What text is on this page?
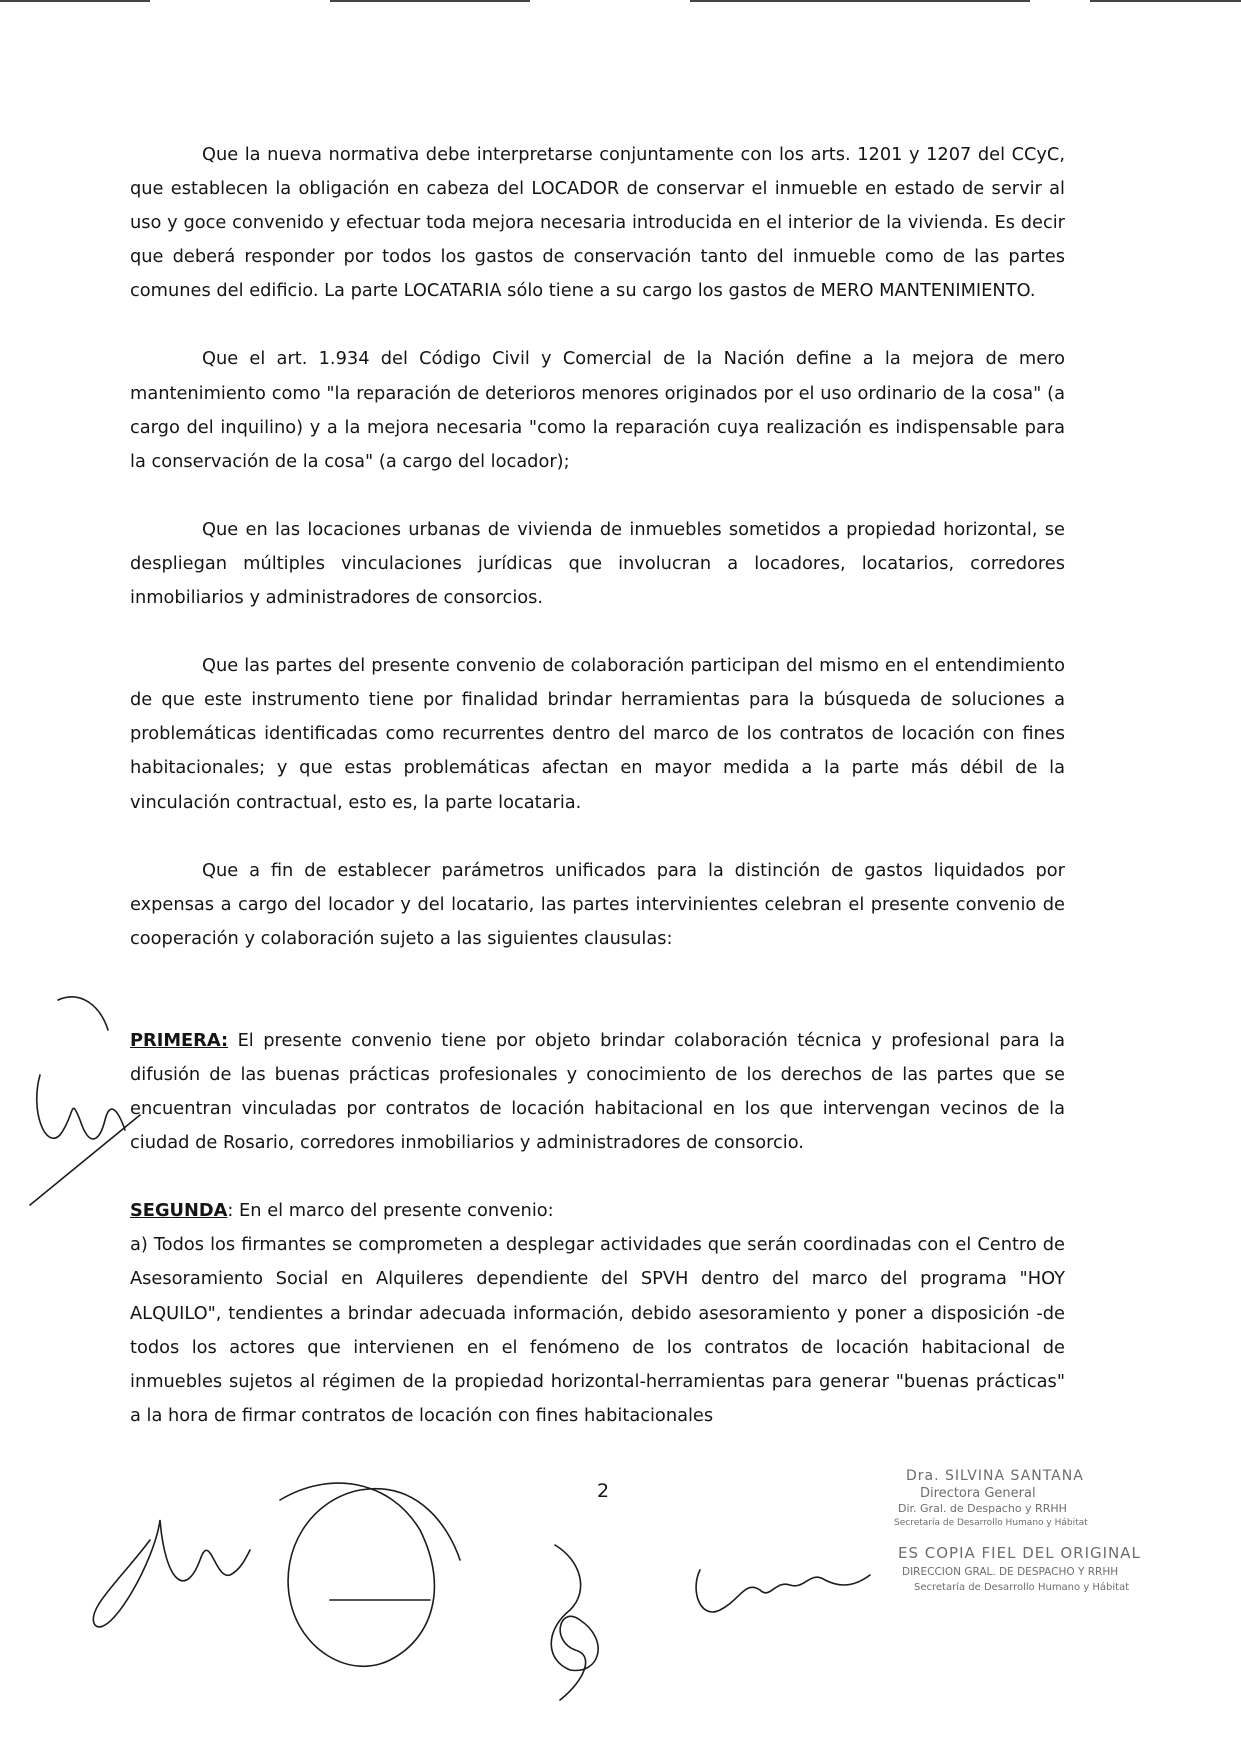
Que la nueva normativa debe interpretarse conjuntamente con los arts. 1201 y 1207 del CCyC, que establecen la obligación en cabeza del LOCADOR de conservar el inmueble en estado de servir al uso y goce convenido y efectuar toda mejora necesaria introducida en el interior de la vivienda. Es decir que deberá responder por todos los gastos de conservación tanto del inmueble como de las partes comunes del edificio. La parte LOCATARIA sólo tiene a su cargo los gastos de MERO MANTENIMIENTO.

Que el art. 1.934 del Código Civil y Comercial de la Nación define a la mejora de mero mantenimiento como "la reparación de deterioros menores originados por el uso ordinario de la cosa" (a cargo del inquilino) y a la mejora necesaria "como la reparación cuya realización es indispensable para la conservación de la cosa" (a cargo del locador);

Que en las locaciones urbanas de vivienda de inmuebles sometidos a propiedad horizontal, se despliegan múltiples vinculaciones jurídicas que involucran a locadores, locatarios, corredores inmobiliarios y administradores de consorcios.

Que las partes del presente convenio de colaboración participan del mismo en el entendimiento de que este instrumento tiene por finalidad brindar herramientas para la búsqueda de soluciones a problemáticas identificadas como recurrentes dentro del marco de los contratos de locación con fines habitacionales; y que estas problemáticas afectan en mayor medida a la parte más débil de la vinculación contractual, esto es, la parte locataria.

Que a fin de establecer parámetros unificados para la distinción de gastos liquidados por expensas a cargo del locador y del locatario, las partes intervinientes celebran el presente convenio de cooperación y colaboración sujeto a las siguientes clausulas:

PRIMERA: El presente convenio tiene por objeto brindar colaboración técnica y profesional para la difusión de las buenas prácticas profesionales y conocimiento de los derechos de las partes que se encuentran vinculadas por contratos de locación habitacional en los que intervengan vecinos de la ciudad de Rosario, corredores inmobiliarios y administradores de consorcio.

SEGUNDA: En el marco del presente convenio:

a) Todos los firmantes se comprometen a desplegar actividades que serán coordinadas con el Centro de Asesoramiento Social en Alquileres dependiente del SPVH dentro del marco del programa "HOY ALQUILO", tendientes a brindar adecuada información, debido asesoramiento y poner a disposición -de todos los actores que intervienen en el fenómeno de los contratos de locación habitacional de inmuebles sujetos al régimen de la propiedad horizontal-herramientas para generar "buenas prácticas" a la hora de firmar contratos de locación con fines habitacionales

2
Dra. SILVINA SANTANA
Directora General
Dir. Gral. de Despacho y RRHH
Secretaría de Desarrollo Humano y Hábitat
ES COPIA FIEL DEL ORIGINAL
DIRECCION GRAL. DE DESPACHO Y RRHH
Secretaría de Desarrollo Humano y Hábitat
